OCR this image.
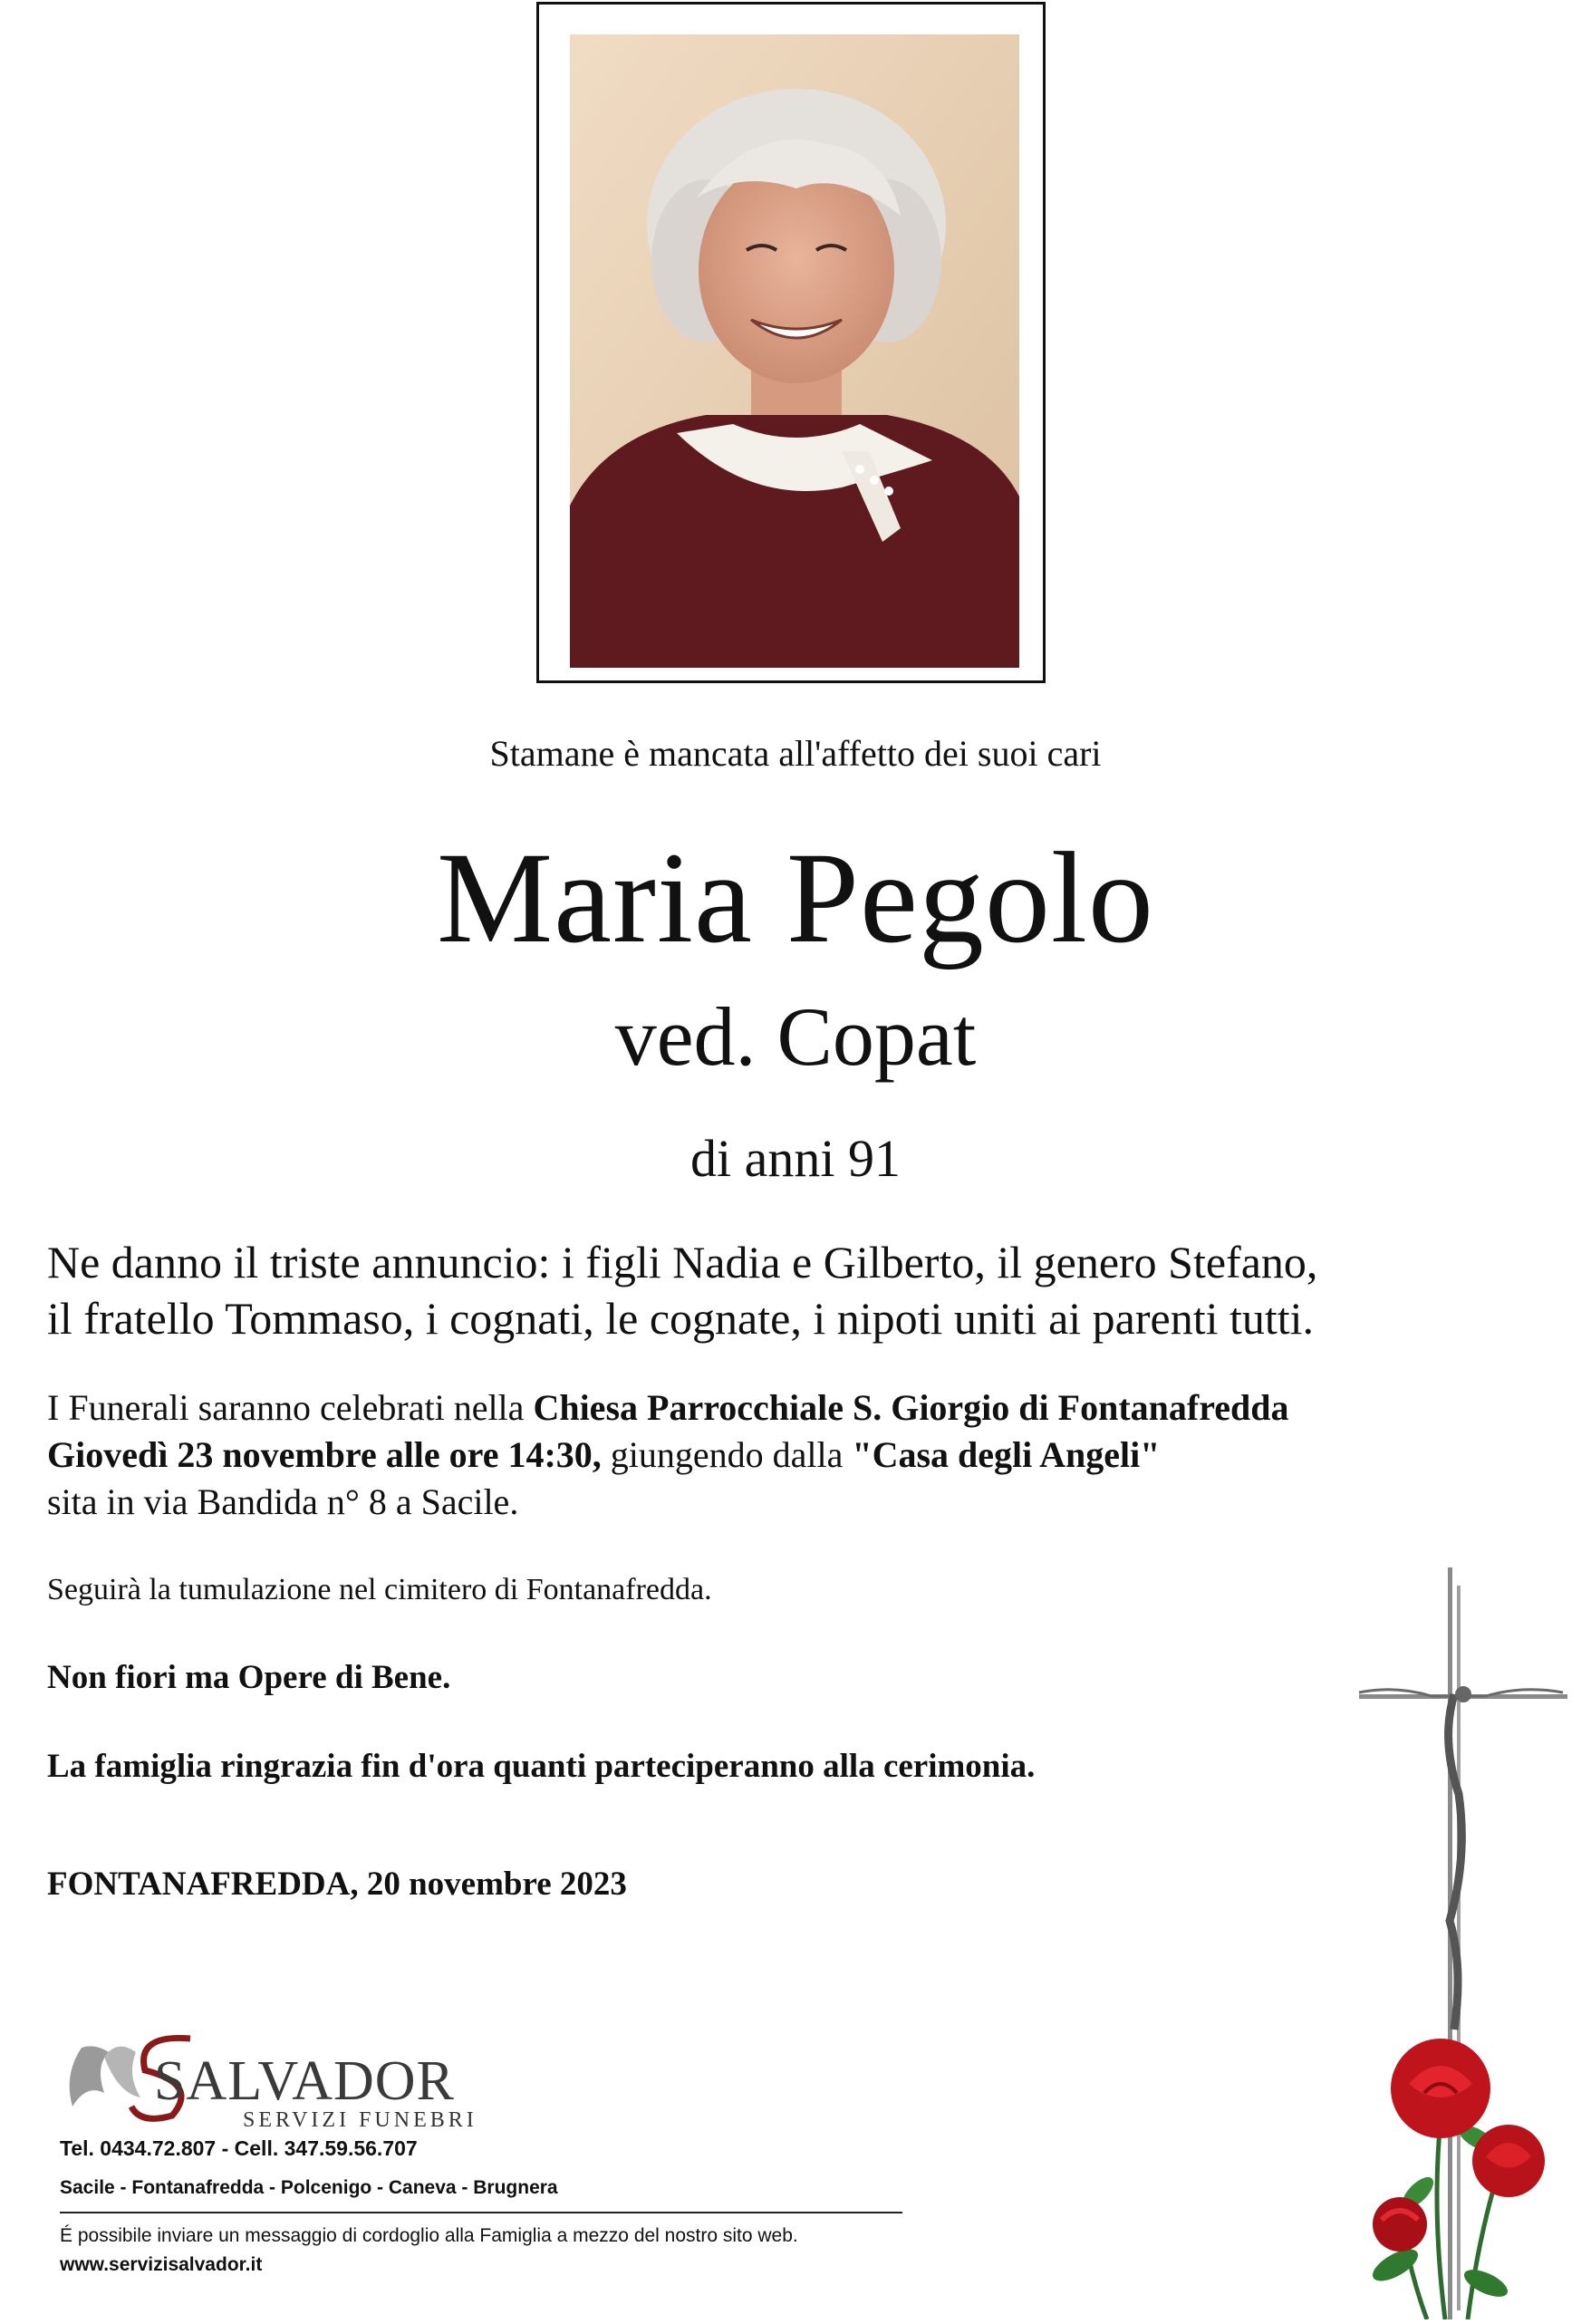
Stamane è mancata all'affetto dei suoi cari
Maria Pegolo
ved. Copat
di anni 91
Ne danno il triste annuncio: i figli Nadia e Gilberto, il genero Stefano,
il fratello Tommaso, i cognati, le cognate, i nipoti uniti ai parenti tutti.
I Funerali saranno celebrati nella Chiesa Parrocchiale S. Giorgio di Fontanafredda
Giovedì 23 novembre alle ore 14:30, giungendo dalla "Casa degli Angeli"
sita in via Bandida n° 8 a Sacile.
Seguirà la tumulazione nel cimitero di Fontanafredda.
Non fiori ma Opere di Bene.
La famiglia ringrazia fin d'ora quanti parteciperanno alla cerimonia.
FONTANAFREDDA, 20 novembre 2023
SALVADOR
SERVIZI FUNEBRI
Tel. 0434.72.807 - Cell. 347.59.56.707
Sacile - Fontanafredda - Polcenigo - Caneva - Brugnera
É possibile inviare un messaggio di cordoglio alla Famiglia a mezzo del nostro sito web.
www.servizisalvador.it
